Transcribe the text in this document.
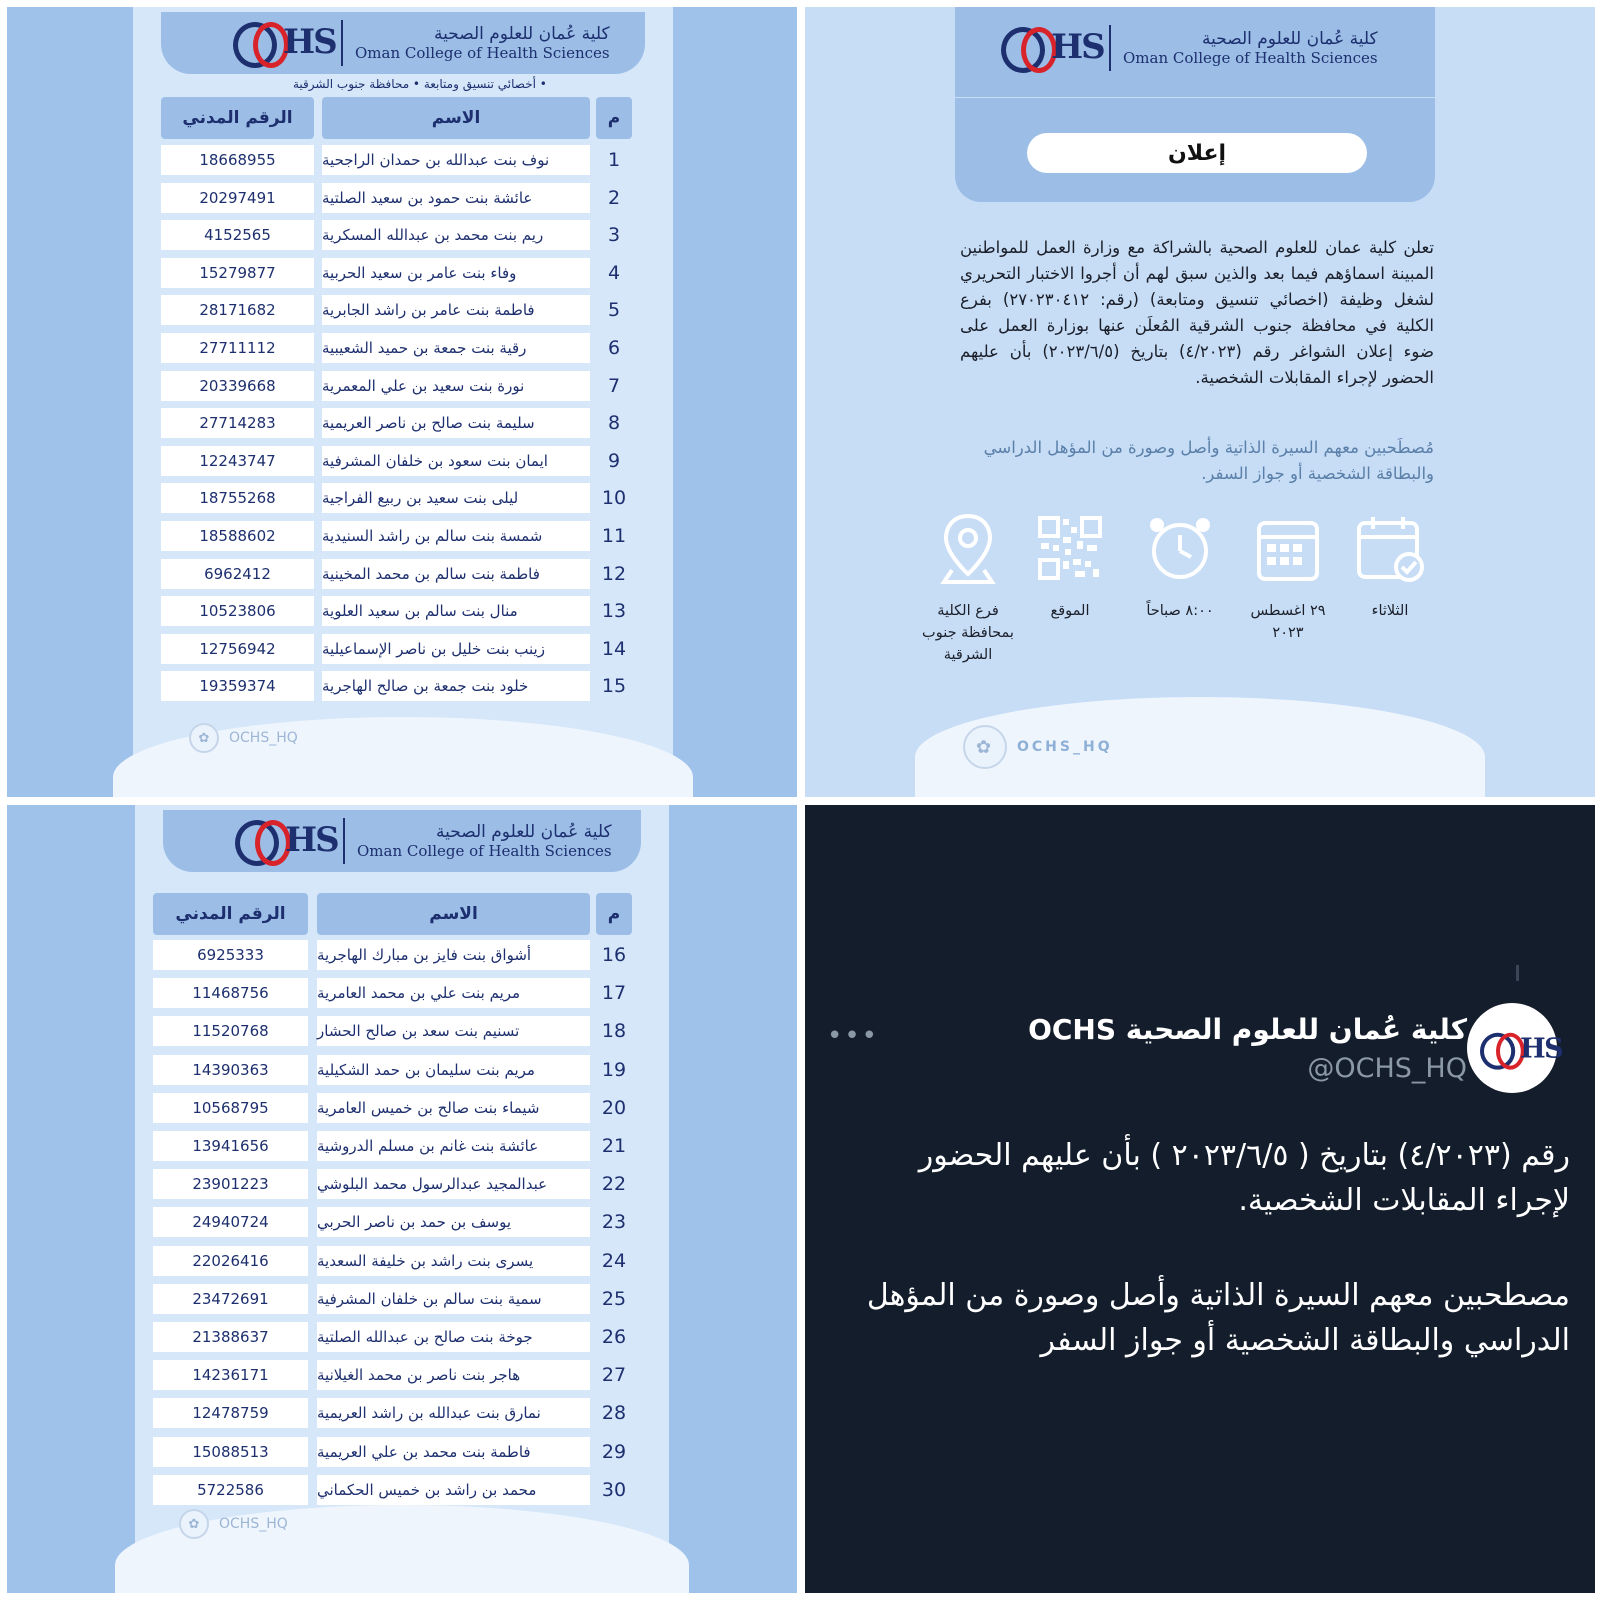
HS	كلية عُمان للعلوم الصحية
Oman College of Health Sciences
• أخصائي تنسيق ومتابعة • محافظة جنوب الشرقية
الرقم المدني	الاسم	م
18668955	نوف بنت عبدالله بن حمدان الراجحية	1
20297491	عائشة بنت حمود بن سعيد الصلتية	2
4152565	ريم بنت محمد بن عبدالله المسكرية	3
15279877	وفاء بنت عامر بن سعيد الحربية	4
28171682	فاطمة بنت عامر بن راشد الجابرية	5
27711112	رقية بنت جمعة بن حميد الشعيبية	6
20339668	نورة بنت سعيد بن علي المعمرية	7
27714283	سليمة بنت صالح بن ناصر العريمية	8
12243747	ايمان بنت سعود بن خلفان المشرفية	9
18755268	ليلى بنت سعيد بن ربيع الفراجية	10
18588602	شمسة بنت سالم بن راشد السنيدية	11
6962412	فاطمة بنت سالم بن محمد المخينية	12
10523806	منال بنت سالم بن سعيد العلوية	13
12756942	زينب بنت خليل بن ناصر الإسماعيلية	14
19359374	خلود بنت جمعة بن صالح الهاجرية	15
✿	OCHS_HQ
HS	كلية عُمان للعلوم الصحية
Oman College of Health Sciences
إعلان
تعلن كلية عمان للعلوم الصحية بالشراكة مع وزارة العمل للمواطنين المبينة اسماؤهم فيما بعد والذين سبق لهم أن أجروا الاختبار التحريري لشغل وظيفة (اخصائي تنسيق ومتابعة) (رقم: ٢٧٠٢٣٠٤١٢) بفرع الكلية في محافظة جنوب الشرقية المُعلَن عنها بوزارة العمل على ضوء إعلان الشواغر رقم (٤/٢٠٢٣) بتاريخ (٢٠٢٣/٦/٥) بأن عليهم الحضور لإجراء المقابلات الشخصية.
مُصطَحبين معهم السيرة الذاتية وأصل وصورة من المؤهل الدراسي والبطاقة الشخصية أو جواز السفر.
الثلاثاء
٢٩ اغسطس ٢٠٢٣
٨:٠٠ صباحاً
الموقع
فرع الكلية بمحافظة جنوب الشرقية
✿	OCHS_HQ
HS	كلية عُمان للعلوم الصحية
Oman College of Health Sciences
الرقم المدني	الاسم	م
6925333	أشواق بنت فايز بن مبارك الهاجرية	16
11468756	مريم بنت علي بن محمد العامرية	17
11520768	تسنيم بنت سعد بن صالح الحشار	18
14390363	مريم بنت سليمان بن حمد الشكيلية	19
10568795	شيماء بنت صالح بن خميس العامرية	20
13941656	عائشة بنت غانم بن مسلم الدروشية	21
23901223	عبدالمجيد عبدالرسول محمد البلوشي	22
24940724	يوسف بن حمد بن ناصر الحربي	23
22026416	يسرى بنت راشد بن خليفة السعدية	24
23472691	سمية بنت سالم بن خلفان المشرفية	25
21388637	جوخة بنت صالح بن عبدالله الصلتية	26
14236171	هاجر بنت ناصر بن محمد الغيلانية	27
12478759	نمارق بنت عبدالله بن راشد العريمية	28
15088513	فاطمة بنت محمد بن علي العريمية	29
5722586	محمد بن راشد بن خميس الحكماني	30
✿	OCHS_HQ
HS
كلية عُمان للعلوم الصحية OCHS
@OCHS_HQ
•••
رقم (٤/٢٠٢٣) بتاريخ ( ٢٠٢٣/٦/٥ ) بأن عليهم الحضور لإجراء المقابلات الشخصية.
مصطحبين معهم السيرة الذاتية وأصل وصورة من المؤهل الدراسي والبطاقة الشخصية أو جواز السفر
